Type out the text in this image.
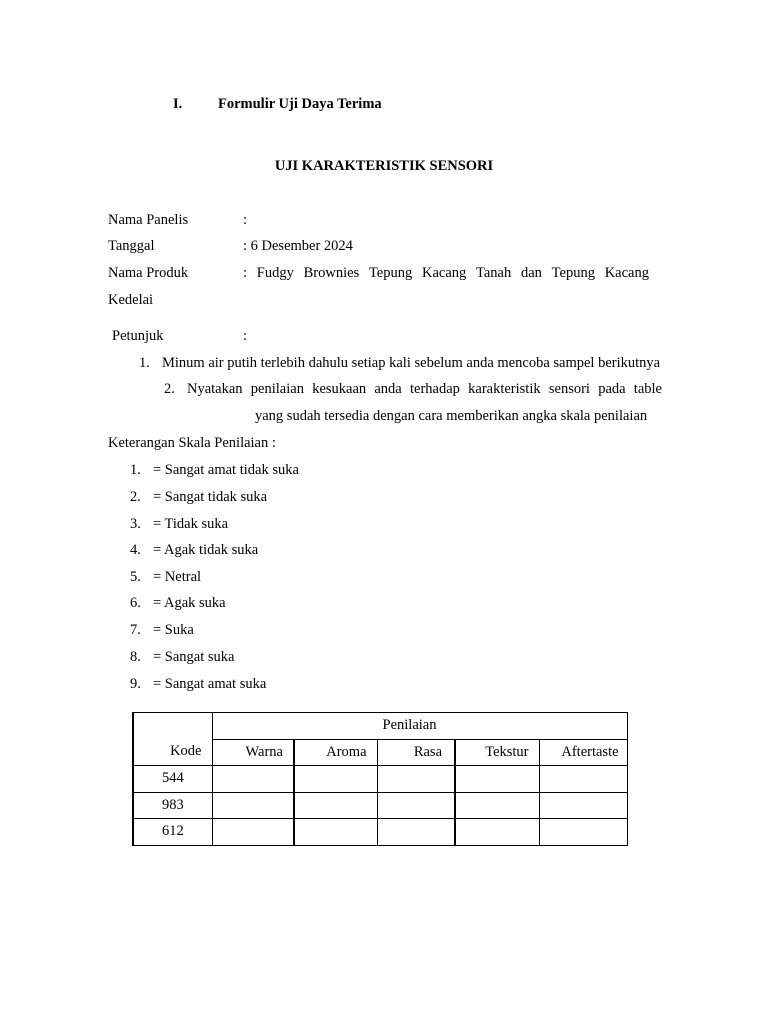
I. Formulir Uji Daya Terima
UJI KARAKTERISTIK SENSORI
Nama Panelis	:
Tanggal	: 6 Desember 2024
Nama Produk	: Fudgy Brownies Tepung Kacang Tanah dan Tepung Kacang
Kedelai
Petunjuk	:
1. Minum air putih terlebih dahulu setiap kali sebelum anda mencoba sampel berikutnya
2. Nyatakan penilaian kesukaan anda terhadap karakteristik sensori pada table
yang sudah tersedia dengan cara memberikan angka skala penilaian
Keterangan Skala Penilaian :
1. = Sangat amat tidak suka
2. = Sangat tidak suka
3. = Tidak suka
4. = Agak tidak suka
5. = Netral
6. = Agak suka
7. = Suka
8. = Sangat suka
9. = Sangat amat suka
Kode	Penilaian				
	Warna	Aroma	Rasa	Tekstur	Aftertaste
544					
983					
612					
